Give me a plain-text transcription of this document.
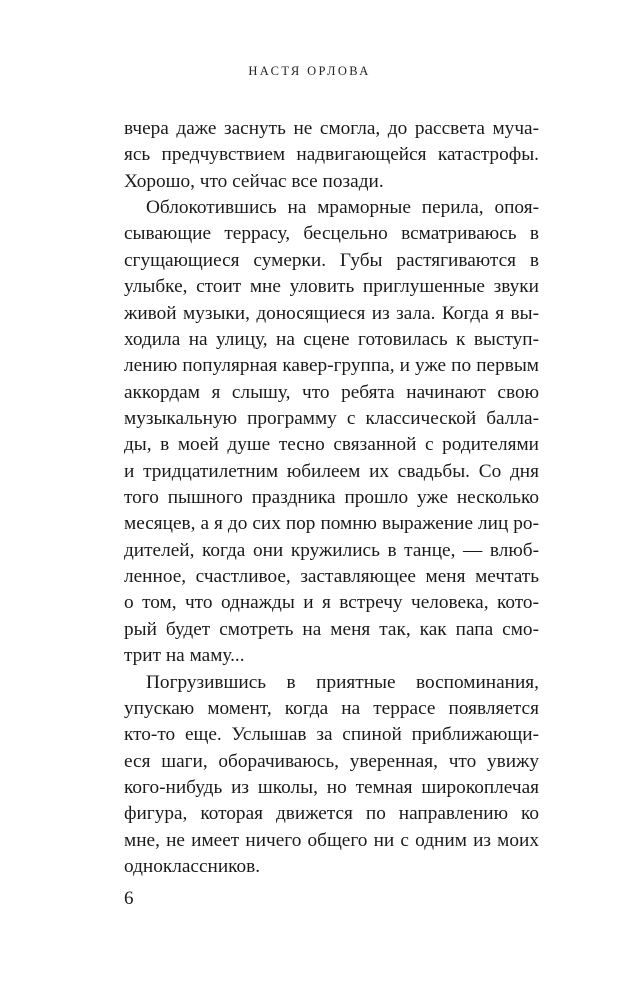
НАСТЯ ОРЛОВА
вчера даже заснуть не смогла, до рассвета муча-
ясь предчувствием надвигающейся катастрофы.
Хорошо, что сейчас все позади.
Облокотившись на мраморные перила, опоя-
сывающие террасу, бесцельно всматриваюсь в
сгущающиеся сумерки. Губы растягиваются в
улыбке, стоит мне уловить приглушенные звуки
живой музыки, доносящиеся из зала. Когда я вы-
ходила на улицу, на сцене готовилась к выступ-
лению популярная кавер-группа, и уже по первым
аккордам я слышу, что ребята начинают свою
музыкальную программу с классической балла-
ды, в моей душе тесно связанной с родителями
и тридцатилетним юбилеем их свадьбы. Со дня
того пышного праздника прошло уже несколько
месяцев, а я до сих пор помню выражение лиц ро-
дителей, когда они кружились в танце, — влюб-
ленное, счастливое, заставляющее меня мечтать
о том, что однажды и я встречу человека, кото-
рый будет смотреть на меня так, как папа смо-
трит на маму...
Погрузившись в приятные воспоминания,
упускаю момент, когда на террасе появляется
кто-то еще. Услышав за спиной приближающи-
еся шаги, оборачиваюсь, уверенная, что увижу
кого-нибудь из школы, но темная широкоплечая
фигура, которая движется по направлению ко
мне, не имеет ничего общего ни с одним из моих
одноклассников.
6
